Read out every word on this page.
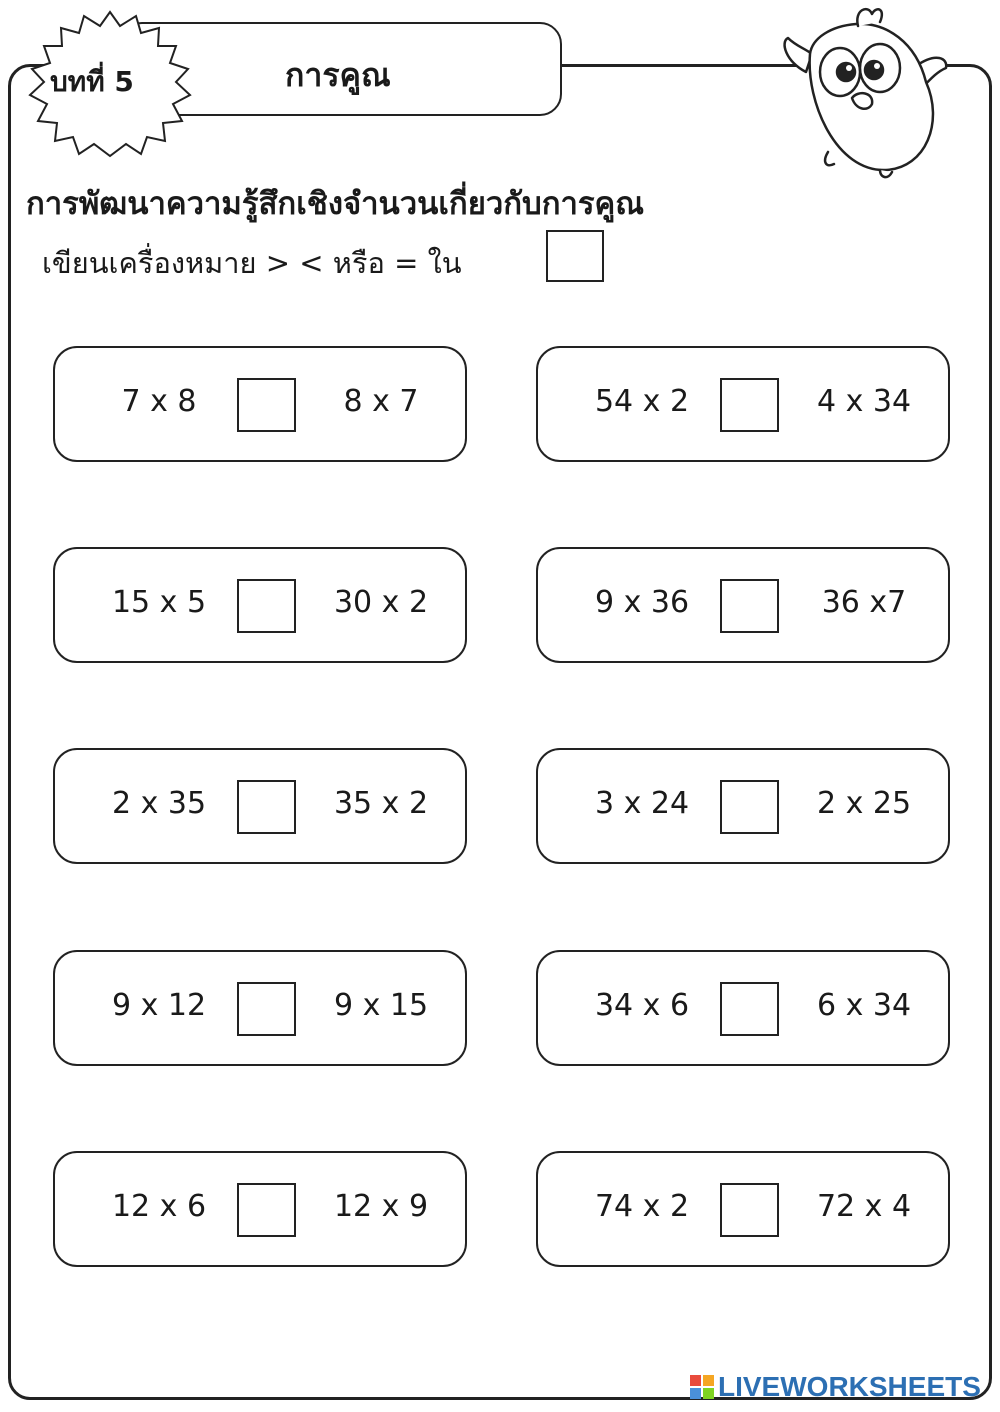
การคูณ
บทที่ 5
การพัฒนาความรู้สึกเชิงจำนวนเกี่ยวกับการคูณ
เขียนเครื่องหมาย > < หรือ = ใน
7 x 8	8 x 7	54 x 2	4 x 34
15 x 5	30 x 2	9 x 36	36 x7
2 x 35	35 x 2	3 x 24	2 x 25
9 x 12	9 x 15	34 x 6	6 x 34
12 x 6	12 x 9	74 x 2	72 x 4
LIVEWORKSHEETS
